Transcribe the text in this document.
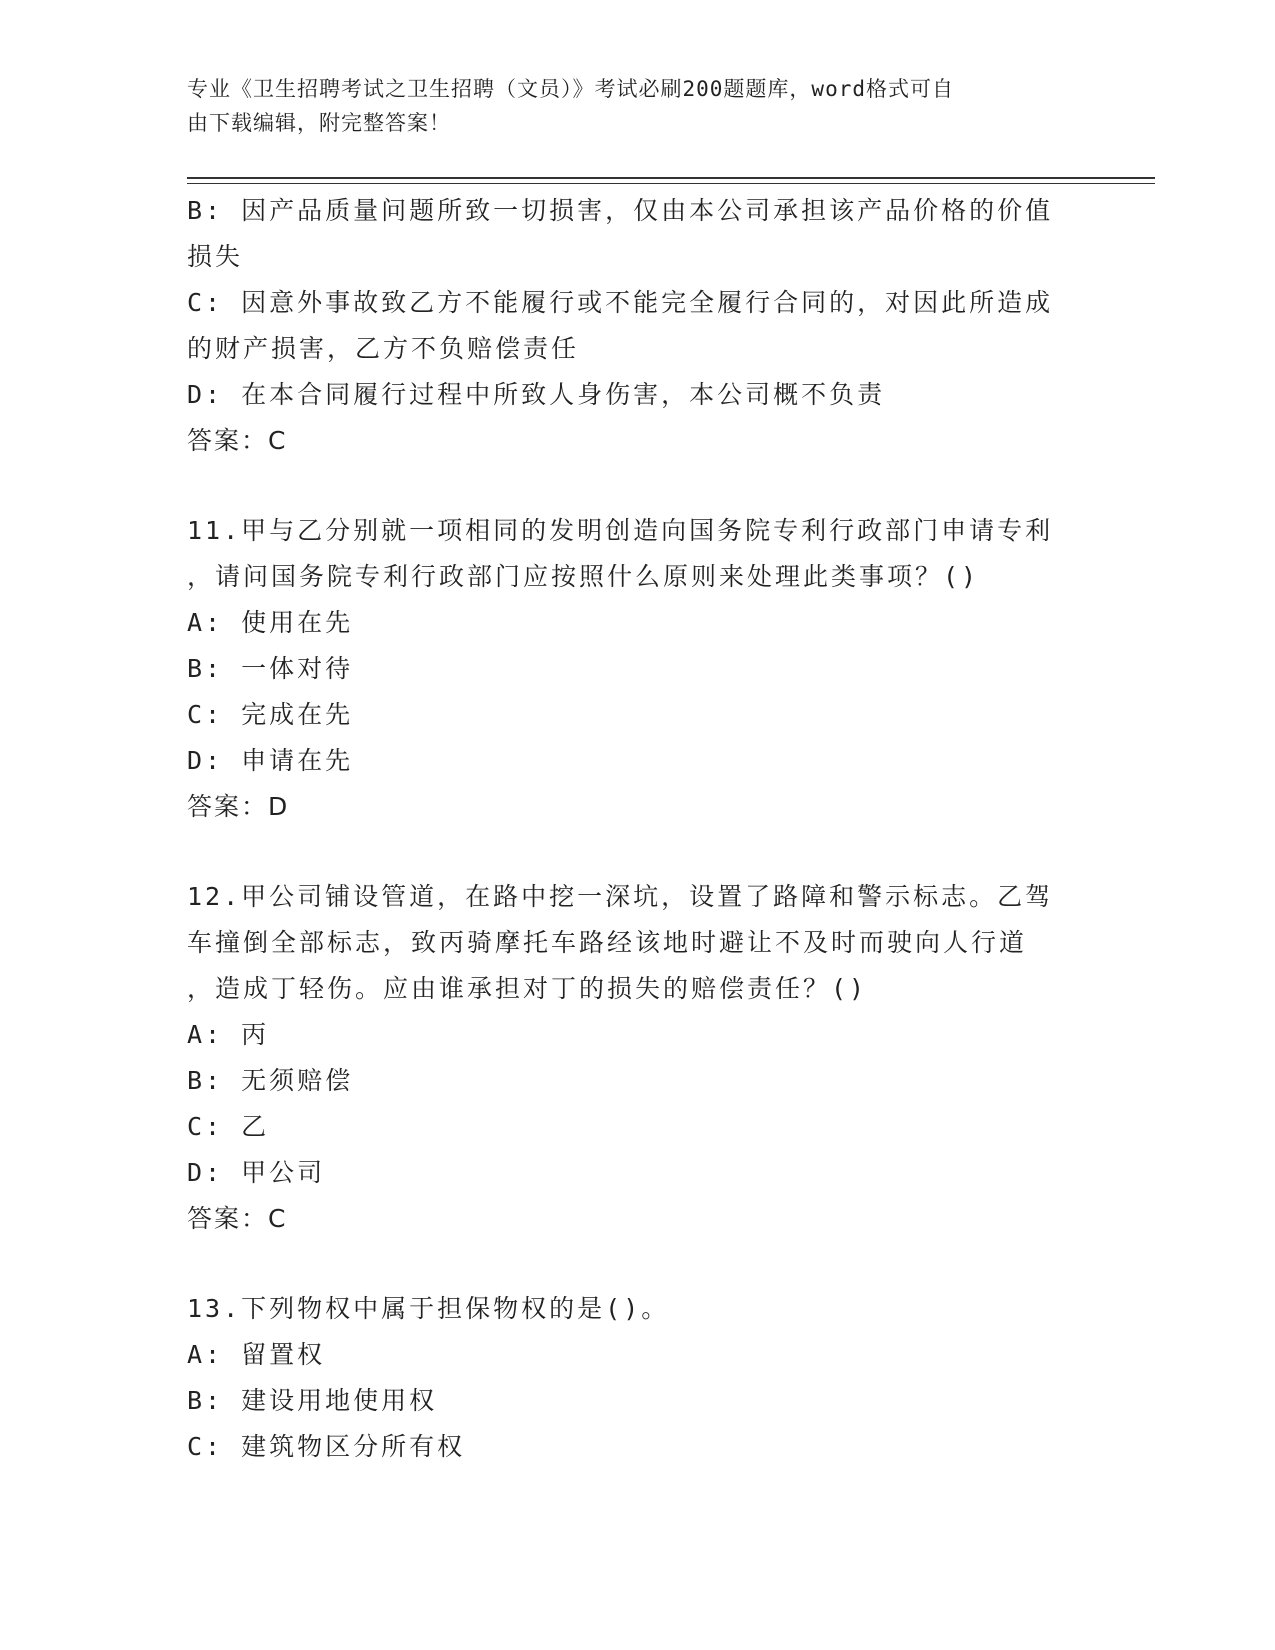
专业《卫生招聘考试之卫生招聘（文员）》考试必刷200题题库，word格式可自
由下载编辑，附完整答案！
B: 因产品质量问题所致一切损害，仅由本公司承担该产品价格的价值
损失
C: 因意外事故致乙方不能履行或不能完全履行合同的，对因此所造成
的财产损害，乙方不负赔偿责任
D: 在本合同履行过程中所致人身伤害，本公司概不负责
答案：C
11.甲与乙分别就一项相同的发明创造向国务院专利行政部门申请专利
，请问国务院专利行政部门应按照什么原则来处理此类事项？()
A: 使用在先
B: 一体对待
C: 完成在先
D: 申请在先
答案：D
12.甲公司铺设管道，在路中挖一深坑，设置了路障和警示标志。乙驾
车撞倒全部标志，致丙骑摩托车路经该地时避让不及时而驶向人行道
，造成丁轻伤。应由谁承担对丁的损失的赔偿责任？()
A: 丙
B: 无须赔偿
C: 乙
D: 甲公司
答案：C
13.下列物权中属于担保物权的是()。
A: 留置权
B: 建设用地使用权
C: 建筑物区分所有权
